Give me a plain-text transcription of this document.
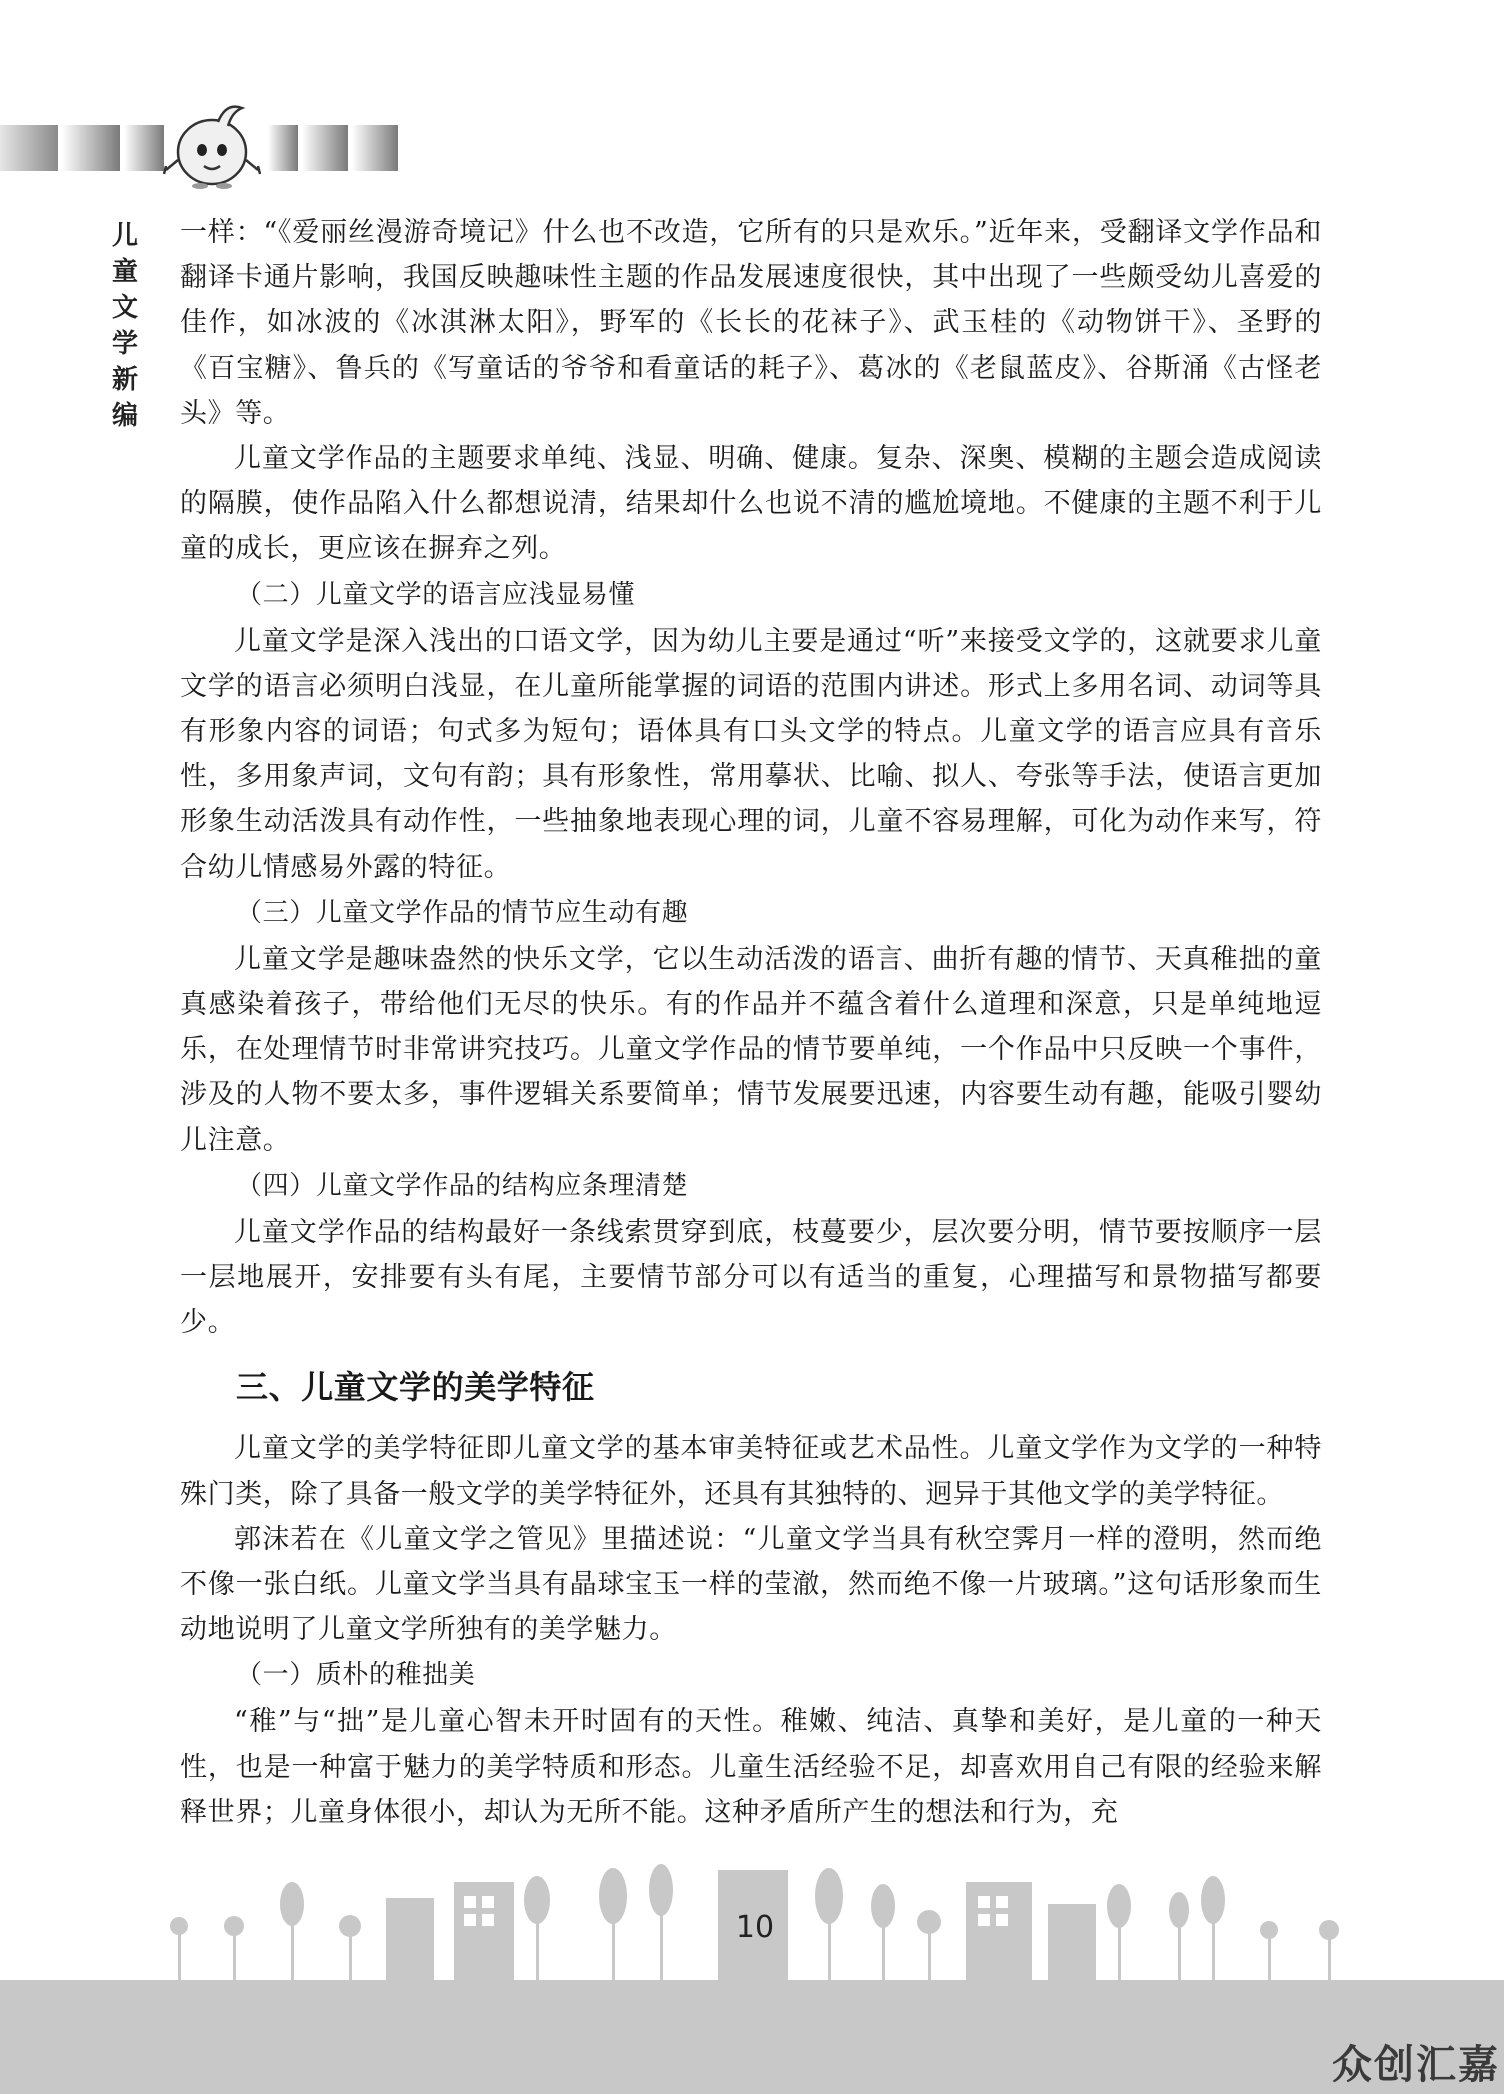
儿
童
文
学
新
编

一样：“《爱丽丝漫游奇境记》什么也不改造，它所有的只是欢乐。”近年来，受翻译文学作品和翻译卡通片影响，我国反映趣味性主题的作品发展速度很快，其中出现了一些颇受幼儿喜爱的佳作，如冰波的《冰淇淋太阳》，野军的《长长的花袜子》、武玉桂的《动物饼干》、圣野的《百宝糖》、鲁兵的《写童话的爷爷和看童话的耗子》、葛冰的《老鼠蓝皮》、谷斯涌《古怪老头》等。

儿童文学作品的主题要求单纯、浅显、明确、健康。复杂、深奥、模糊的主题会造成阅读的隔膜，使作品陷入什么都想说清，结果却什么也说不清的尴尬境地。不健康的主题不利于儿童的成长，更应该在摒弃之列。

（二）儿童文学的语言应浅显易懂

儿童文学是深入浅出的口语文学，因为幼儿主要是通过“听”来接受文学的，这就要求儿童文学的语言必须明白浅显，在儿童所能掌握的词语的范围内讲述。形式上多用名词、动词等具有形象内容的词语；句式多为短句；语体具有口头文学的特点。儿童文学的语言应具有音乐性，多用象声词，文句有韵；具有形象性，常用摹状、比喻、拟人、夸张等手法，使语言更加形象生动活泼具有动作性，一些抽象地表现心理的词，儿童不容易理解，可化为动作来写，符合幼儿情感易外露的特征。

（三）儿童文学作品的情节应生动有趣

儿童文学是趣味盎然的快乐文学，它以生动活泼的语言、曲折有趣的情节、天真稚拙的童真感染着孩子，带给他们无尽的快乐。有的作品并不蕴含着什么道理和深意，只是单纯地逗乐，在处理情节时非常讲究技巧。儿童文学作品的情节要单纯，一个作品中只反映一个事件，涉及的人物不要太多，事件逻辑关系要简单；情节发展要迅速，内容要生动有趣，能吸引婴幼儿注意。

（四）儿童文学作品的结构应条理清楚

儿童文学作品的结构最好一条线索贯穿到底，枝蔓要少，层次要分明，情节要按顺序一层一层地展开，安排要有头有尾，主要情节部分可以有适当的重复，心理描写和景物描写都要少。

三、儿童文学的美学特征

儿童文学的美学特征即儿童文学的基本审美特征或艺术品性。儿童文学作为文学的一种特殊门类，除了具备一般文学的美学特征外，还具有其独特的、迥异于其他文学的美学特征。

郭沫若在《儿童文学之管见》里描述说：“儿童文学当具有秋空霁月一样的澄明，然而绝不像一张白纸。儿童文学当具有晶球宝玉一样的莹澈，然而绝不像一片玻璃。”这句话形象而生动地说明了儿童文学所独有的美学魅力。

（一）质朴的稚拙美

“稚”与“拙”是儿童心智未开时固有的天性。稚嫩、纯洁、真挚和美好，是儿童的一种天性，也是一种富于魅力的美学特质和形态。儿童生活经验不足，却喜欢用自己有限的经验来解释世界；儿童身体很小，却认为无所不能。这种矛盾所产生的想法和行为，充

10
众创汇嘉
